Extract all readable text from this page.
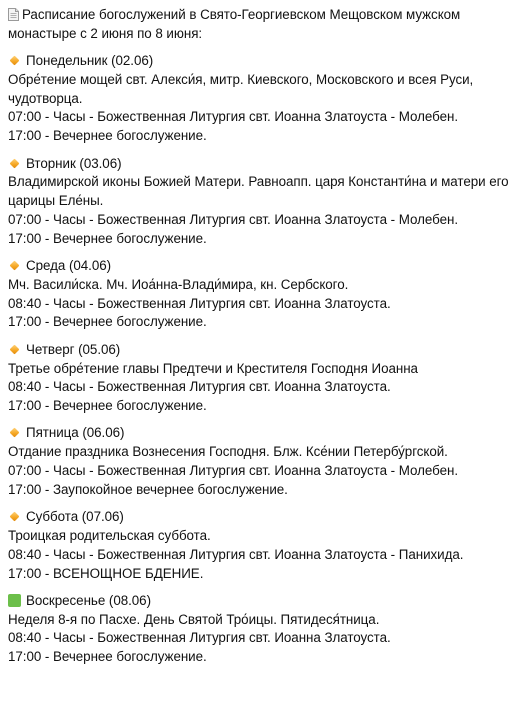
Расписание богослужений в Свято-Георгиевском Мещовском мужском монастыре с 2 июня по 8 июня:
Понедельник (02.06)
Обре́тение мощей свт. Алекси́я, митр. Киевского, Московского и всея Руси, чудотворца.
07:00 - Часы - Божественная Литургия свт. Иоанна Златоуста - Молебен.
17:00 - Вечернее богослужение.
Вторник (03.06)
Владимирской иконы Божией Матери. Равноапп. царя Константи́на и матери его царицы Еле́ны.
07:00 - Часы - Божественная Литургия свт. Иоанна Златоуста - Молебен.
17:00 - Вечернее богослужение.
Среда (04.06)
Мч. Васили́ска. Мч. Иоа́нна-Влади́мира, кн. Сербского.
08:40 - Часы - Божественная Литургия свт. Иоанна Златоуста.
17:00 - Вечернее богослужение.
Четверг (05.06)
Третье обре́тение главы Предтечи и Крестителя Господня Иоанна
08:40 - Часы - Божественная Литургия свт. Иоанна Златоуста.
17:00 - Вечернее богослужение.
Пятница (06.06)
Отдание праздника Вознесения Господня. Блж. Ксе́нии Петербу́ргской.
07:00 - Часы - Божественная Литургия свт. Иоанна Златоуста - Молебен.
17:00 - Заупокойное вечернее богослужение.
Суббота (07.06)
Троицкая родительская суббота.
08:40 - Часы - Божественная Литургия свт. Иоанна Златоуста - Панихида.
17:00 - ВСЕНОЩНОЕ БДЕНИЕ.
Воскресенье (08.06)
Неделя 8-я по Пасхе. День Святой Тро́ицы. Пятидеся́тница.
08:40 - Часы - Божественная Литургия свт. Иоанна Златоуста.
17:00 - Вечернее богослужение.
